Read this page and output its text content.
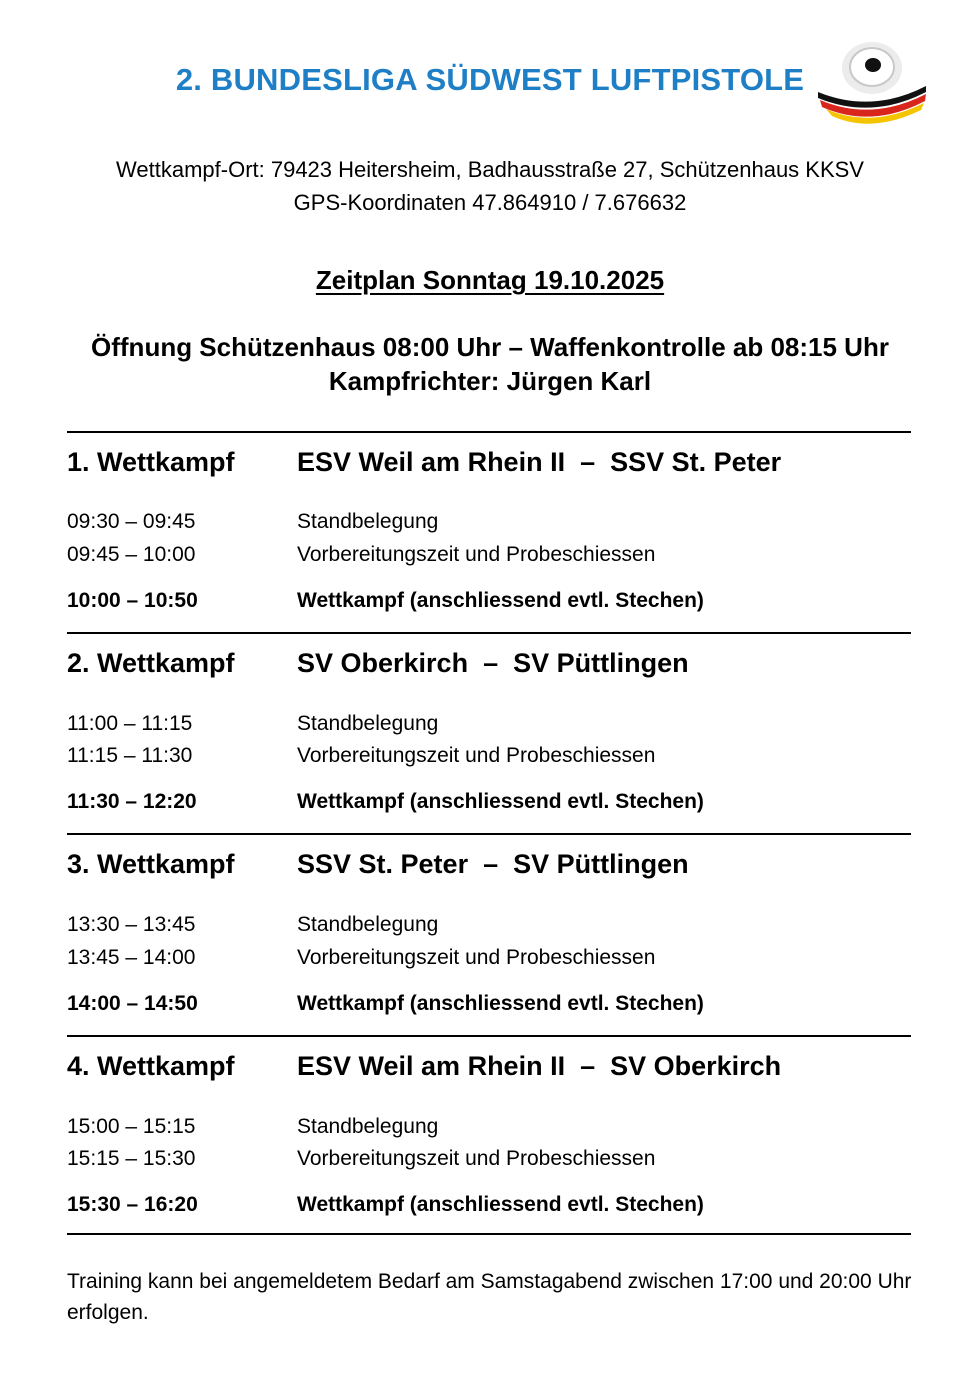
2. BUNDESLIGA SÜDWEST LUFTPISTOLE
Wettkampf-Ort: 79423 Heitersheim, Badhausstraße 27, Schützenhaus KKSV
GPS-Koordinaten 47.864910 / 7.676632
Zeitplan Sonntag 19.10.2025
Öffnung Schützenhaus 08:00 Uhr – Waffenkontrolle ab 08:15 Uhr
Kampfrichter: Jürgen Karl
1. Wettkampf ESV Weil am Rhein II  –  SSV St. Peter
09:30 – 09:45	Standbelegung
09:45 – 10:00	Vorbereitungszeit und Probeschiessen
10:00 – 10:50	Wettkampf (anschliessend evtl. Stechen)
2. Wettkampf SV Oberkirch  –  SV Püttlingen
11:00 – 11:15	Standbelegung
11:15 – 11:30	Vorbereitungszeit und Probeschiessen
11:30 – 12:20	Wettkampf (anschliessend evtl. Stechen)
3. Wettkampf SSV St. Peter  –  SV Püttlingen
13:30 – 13:45	Standbelegung
13:45 – 14:00	Vorbereitungszeit und Probeschiessen
14:00 – 14:50	Wettkampf (anschliessend evtl. Stechen)
4. Wettkampf ESV Weil am Rhein II  –  SV Oberkirch
15:00 – 15:15	Standbelegung
15:15 – 15:30	Vorbereitungszeit und Probeschiessen
15:30 – 16:20	Wettkampf (anschliessend evtl. Stechen)
Training kann bei angemeldetem Bedarf am Samstagabend zwischen 17:00 und 20:00 Uhr erfolgen.
